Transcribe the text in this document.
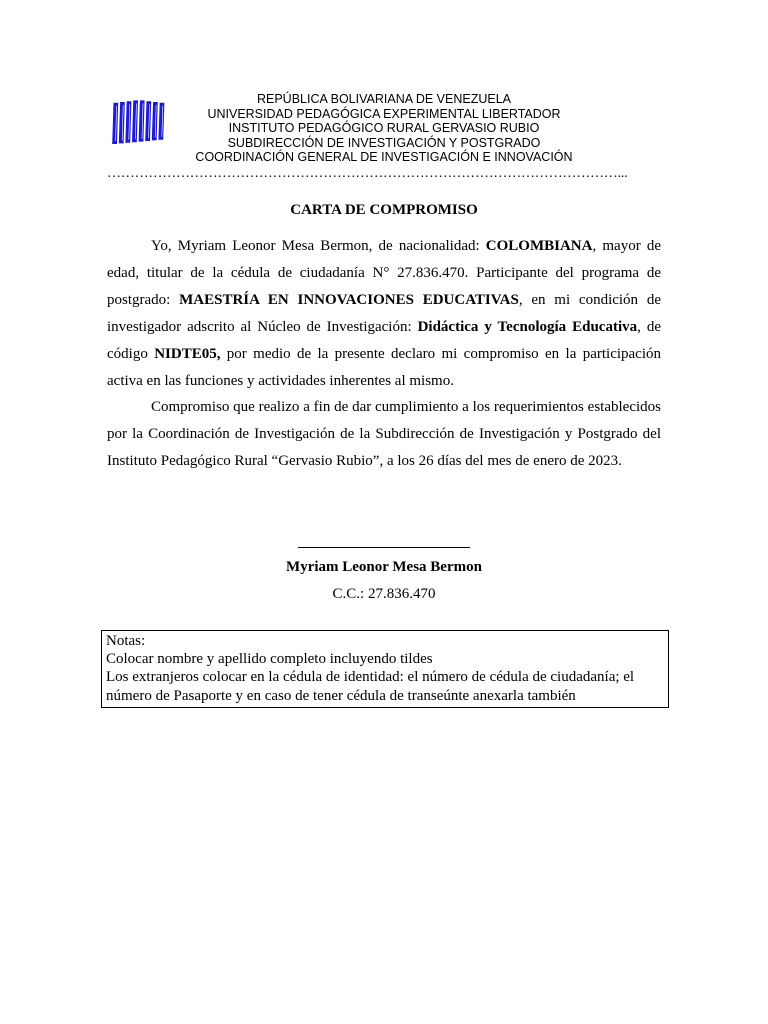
REPÚBLICA BOLIVARIANA DE VENEZUELA
UNIVERSIDAD PEDAGÓGICA EXPERIMENTAL LIBERTADOR
INSTITUTO PEDAGÓGICO RURAL GERVASIO RUBIO
SUBDIRECCIÓN DE INVESTIGACIÓN Y POSTGRADO
COORDINACIÓN GENERAL DE INVESTIGACIÓN E INNOVACIÓN
…………………………………………………………………………………………………...
CARTA DE COMPROMISO

Yo, Myriam Leonor Mesa Bermon, de nacionalidad: COLOMBIANA, mayor de edad, titular de la cédula de ciudadanía N° 27.836.470. Participante del programa de postgrado: MAESTRÍA EN INNOVACIONES EDUCATIVAS, en mi condición de investigador adscrito al Núcleo de Investigación: Didáctica y Tecnología Educativa, de código NIDTE05, por medio de la presente declaro mi compromiso en la participación activa en las funciones y actividades inherentes al mismo.

Compromiso que realizo a fin de dar cumplimiento a los requerimientos establecidos por la Coordinación de Investigación de la Subdirección de Investigación y Postgrado del Instituto Pedagógico Rural “Gervasio Rubio”, a los 26 días del mes de enero de 2023.

Myriam Leonor Mesa Bermon
C.C.: 27.836.470
Notas:
Colocar nombre y apellido completo incluyendo tildes
Los extranjeros colocar en la cédula de identidad: el número de cédula de ciudadanía; el número de Pasaporte y en caso de tener cédula de transeúnte anexarla también
